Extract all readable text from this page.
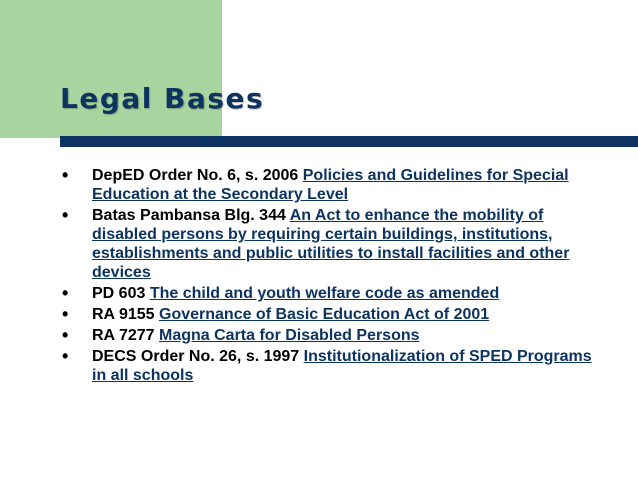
Legal Bases
•	DepED Order No. 6, s. 2006 Policies and Guidelines for Special Education at the Secondary Level
•	Batas Pambansa Blg. 344 An Act to enhance the mobility of disabled persons by requiring certain buildings, institutions, establishments and public utilities to install facilities and other devices
•	PD 603 The child and youth welfare code as amended
•	RA 9155 Governance of Basic Education Act of 2001
•	RA 7277 Magna Carta for Disabled Persons
•	DECS Order No. 26, s. 1997 Institutionalization of SPED Programs in all schools
